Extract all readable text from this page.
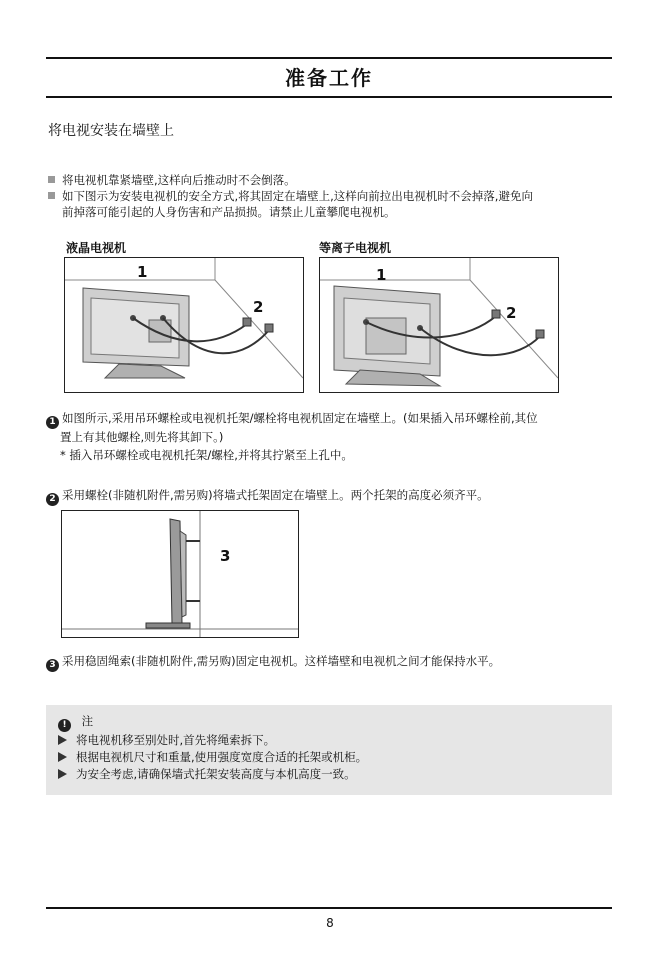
准备工作
将电视安装在墙壁上
将电视机靠紧墙壁,这样向后推动时不会倒落。
如下图示为安装电视机的安全方式,将其固定在墙壁上,这样向前拉出电视机时不会掉落,避免向
前掉落可能引起的人身伤害和产品损损。请禁止儿童攀爬电视机。
液晶电视机	等离子电视机
1
2
1
2
1 如图所示,采用吊环螺栓或电视机托架/螺栓将电视机固定在墙壁上。(如果插入吊环螺栓前,其位
置上有其他螺栓,则先将其卸下。)
* 插入吊环螺栓或电视机托架/螺栓,并将其拧紧至上孔中。
2 采用螺栓(非随机附件,需另购)将墙式托架固定在墙壁上。两个托架的高度必须齐平。
3
3 采用稳固绳索(非随机附件,需另购)固定电视机。这样墙壁和电视机之间才能保持水平。
! 注
将电视机移至别处时,首先将绳索拆下。
根据电视机尺寸和重量,使用强度宽度合适的托架或机柜。
为安全考虑,请确保墙式托架安装高度与本机高度一致。
8
